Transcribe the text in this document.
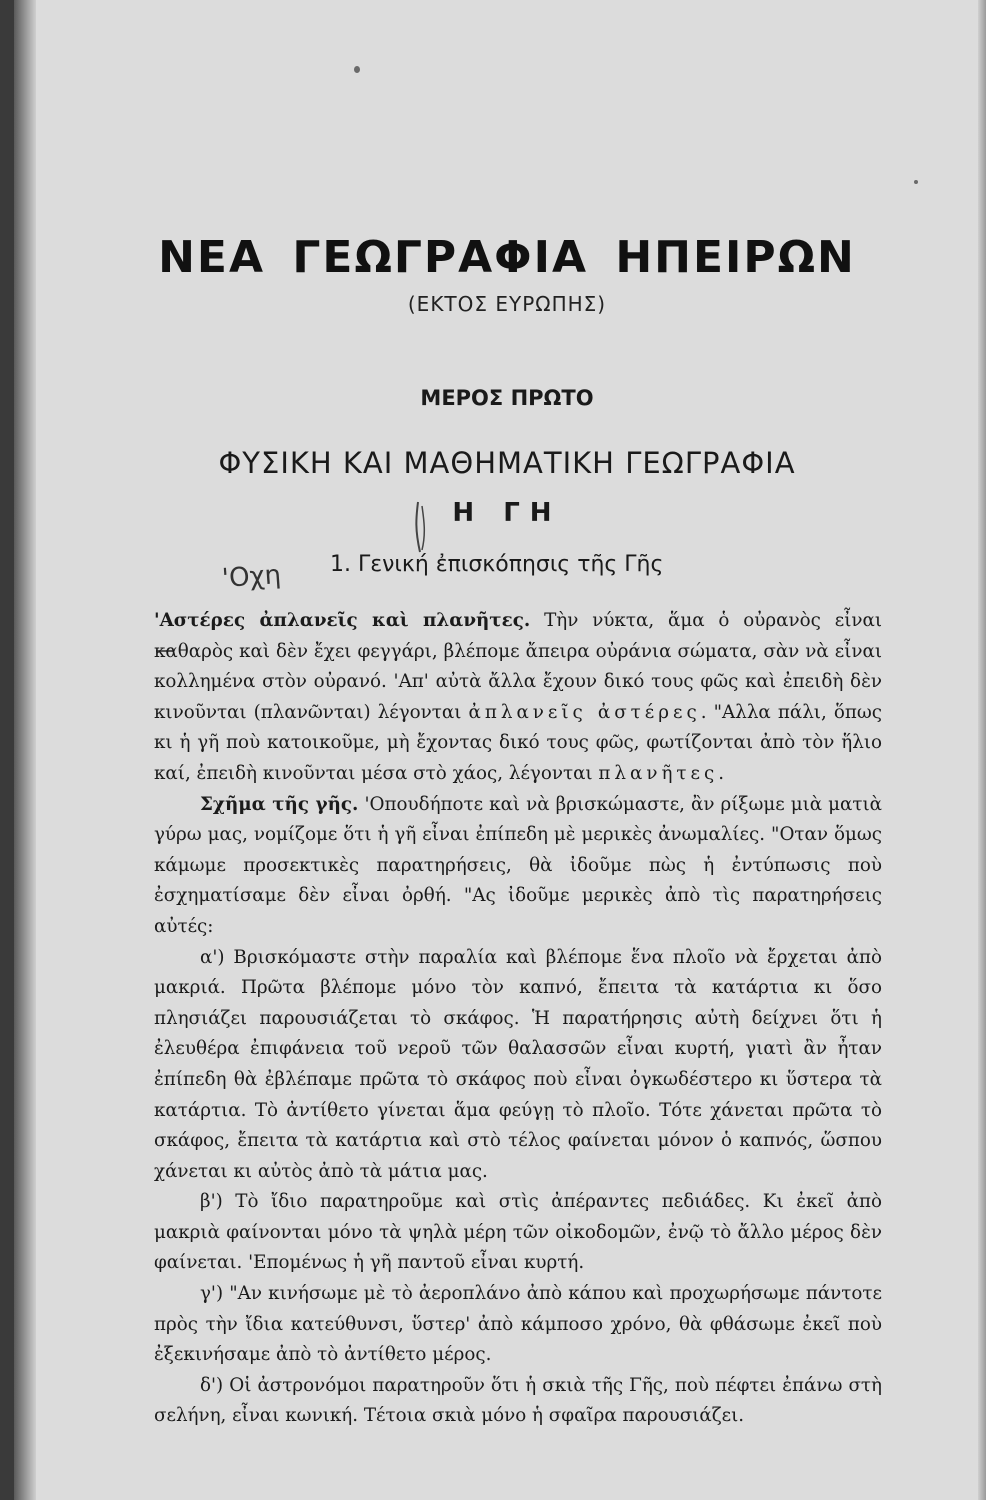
ΝΕΑ ΓΕΩΓΡΑΦΙΑ ΗΠΕΙΡΩΝ
(ΕΚΤΟΣ ΕΥΡΩΠΗΣ)
ΜΕΡΟΣ ΠΡΩΤΟ
ΦΥΣΙΚΗ ΚΑΙ ΜΑΘΗΜΑΤΙΚΗ ΓΕΩΓΡΑΦΙΑ
Η ΓΗ
'Οχη 1. Γενική ἐπισκόπησις τῆς Γῆς

'Αστέρες ἀπλανεῖς καὶ πλανῆτες. Τὴν νύκτα, ἅμα ὁ οὐρανὸς εἶναι καθαρὸς καὶ δὲν ἔχει φεγγάρι, βλέπομε ἄπειρα οὐράνια σώματα, σὰν νὰ εἶναι κολλημένα στὸν οὐρανό. 'Απ' αὐτὰ ἄλλα ἔχουν δικό τους φῶς καὶ ἐπειδὴ δὲν κινοῦνται (πλανῶνται) λέγονται ἀπλανεῖς ἀστέρες. "Αλλα πάλι, ὅπως κι ἡ γῆ ποὺ κατοικοῦμε, μὴ ἔχοντας δικό τους φῶς, φωτίζονται ἀπὸ τὸν ἥλιο καί, ἐπειδὴ κινοῦνται μέσα στὸ χάος, λέγονται πλανῆτες.

Σχῆμα τῆς γῆς. 'Οπουδήποτε καὶ νὰ βρισκώμαστε, ἂν ρίξωμε μιὰ ματιὰ γύρω μας, νομίζομε ὅτι ἡ γῆ εἶναι ἐπίπεδη μὲ μερικὲς ἀνωμαλίες. "Οταν ὅμως κάμωμε προσεκτικὲς παρατηρήσεις, θὰ ἰδοῦμε πὼς ἡ ἐντύπωσις ποὺ ἐσχηματίσαμε δὲν εἶναι ὀρθή. "Ας ἰδοῦμε μερικὲς ἀπὸ τὶς παρατηρήσεις αὐτές:

α') Βρισκόμαστε στὴν παραλία καὶ βλέπομε ἕνα πλοῖο νὰ ἔρχεται ἀπὸ μακριά. Πρῶτα βλέπομε μόνο τὸν καπνό, ἔπειτα τὰ κατάρτια κι ὅσο πλησιάζει παρουσιάζεται τὸ σκάφος. Ἡ παρατήρησις αὐτὴ δείχνει ὅτι ἡ ἐλευθέρα ἐπιφάνεια τοῦ νεροῦ τῶν θαλασσῶν εἶναι κυρτή, γιατὶ ἂν ἦταν ἐπίπεδη θὰ ἐβλέπαμε πρῶτα τὸ σκάφος ποὺ εἶναι ὀγκωδέστερο κι ὕστερα τὰ κατάρτια. Τὸ ἀντίθετο γίνεται ἅμα φεύγῃ τὸ πλοῖο. Τότε χάνεται πρῶτα τὸ σκάφος, ἔπειτα τὰ κατάρτια καὶ στὸ τέλος φαίνεται μόνον ὁ καπνός, ὥσπου χάνεται κι αὐτὸς ἀπὸ τὰ μάτια μας.

β') Τὸ ἴδιο παρατηροῦμε καὶ στὶς ἀπέραντες πεδιάδες. Κι ἐκεῖ ἀπὸ μακριὰ φαίνονται μόνο τὰ ψηλὰ μέρη τῶν οἰκοδομῶν, ἐνῷ τὸ ἄλλο μέρος δὲν φαίνεται. 'Επομένως ἡ γῆ παντοῦ εἶναι κυρτή.

γ') "Αν κινήσωμε μὲ τὸ ἀεροπλάνο ἀπὸ κάπου καὶ προχωρήσωμε πάντοτε πρὸς τὴν ἴδια κατεύθυνσι, ὕστερ' ἀπὸ κάμποσο χρόνο, θὰ φθάσωμε ἐκεῖ ποὺ ἐξεκινήσαμε ἀπὸ τὸ ἀντίθετο μέρος.

δ') Οἱ ἀστρονόμοι παρατηροῦν ὅτι ἡ σκιὰ τῆς Γῆς, ποὺ πέφτει ἐπάνω στὴ σελήνη, εἶναι κωνική. Τέτοια σκιὰ μόνο ἡ σφαῖρα παρουσιάζει.
